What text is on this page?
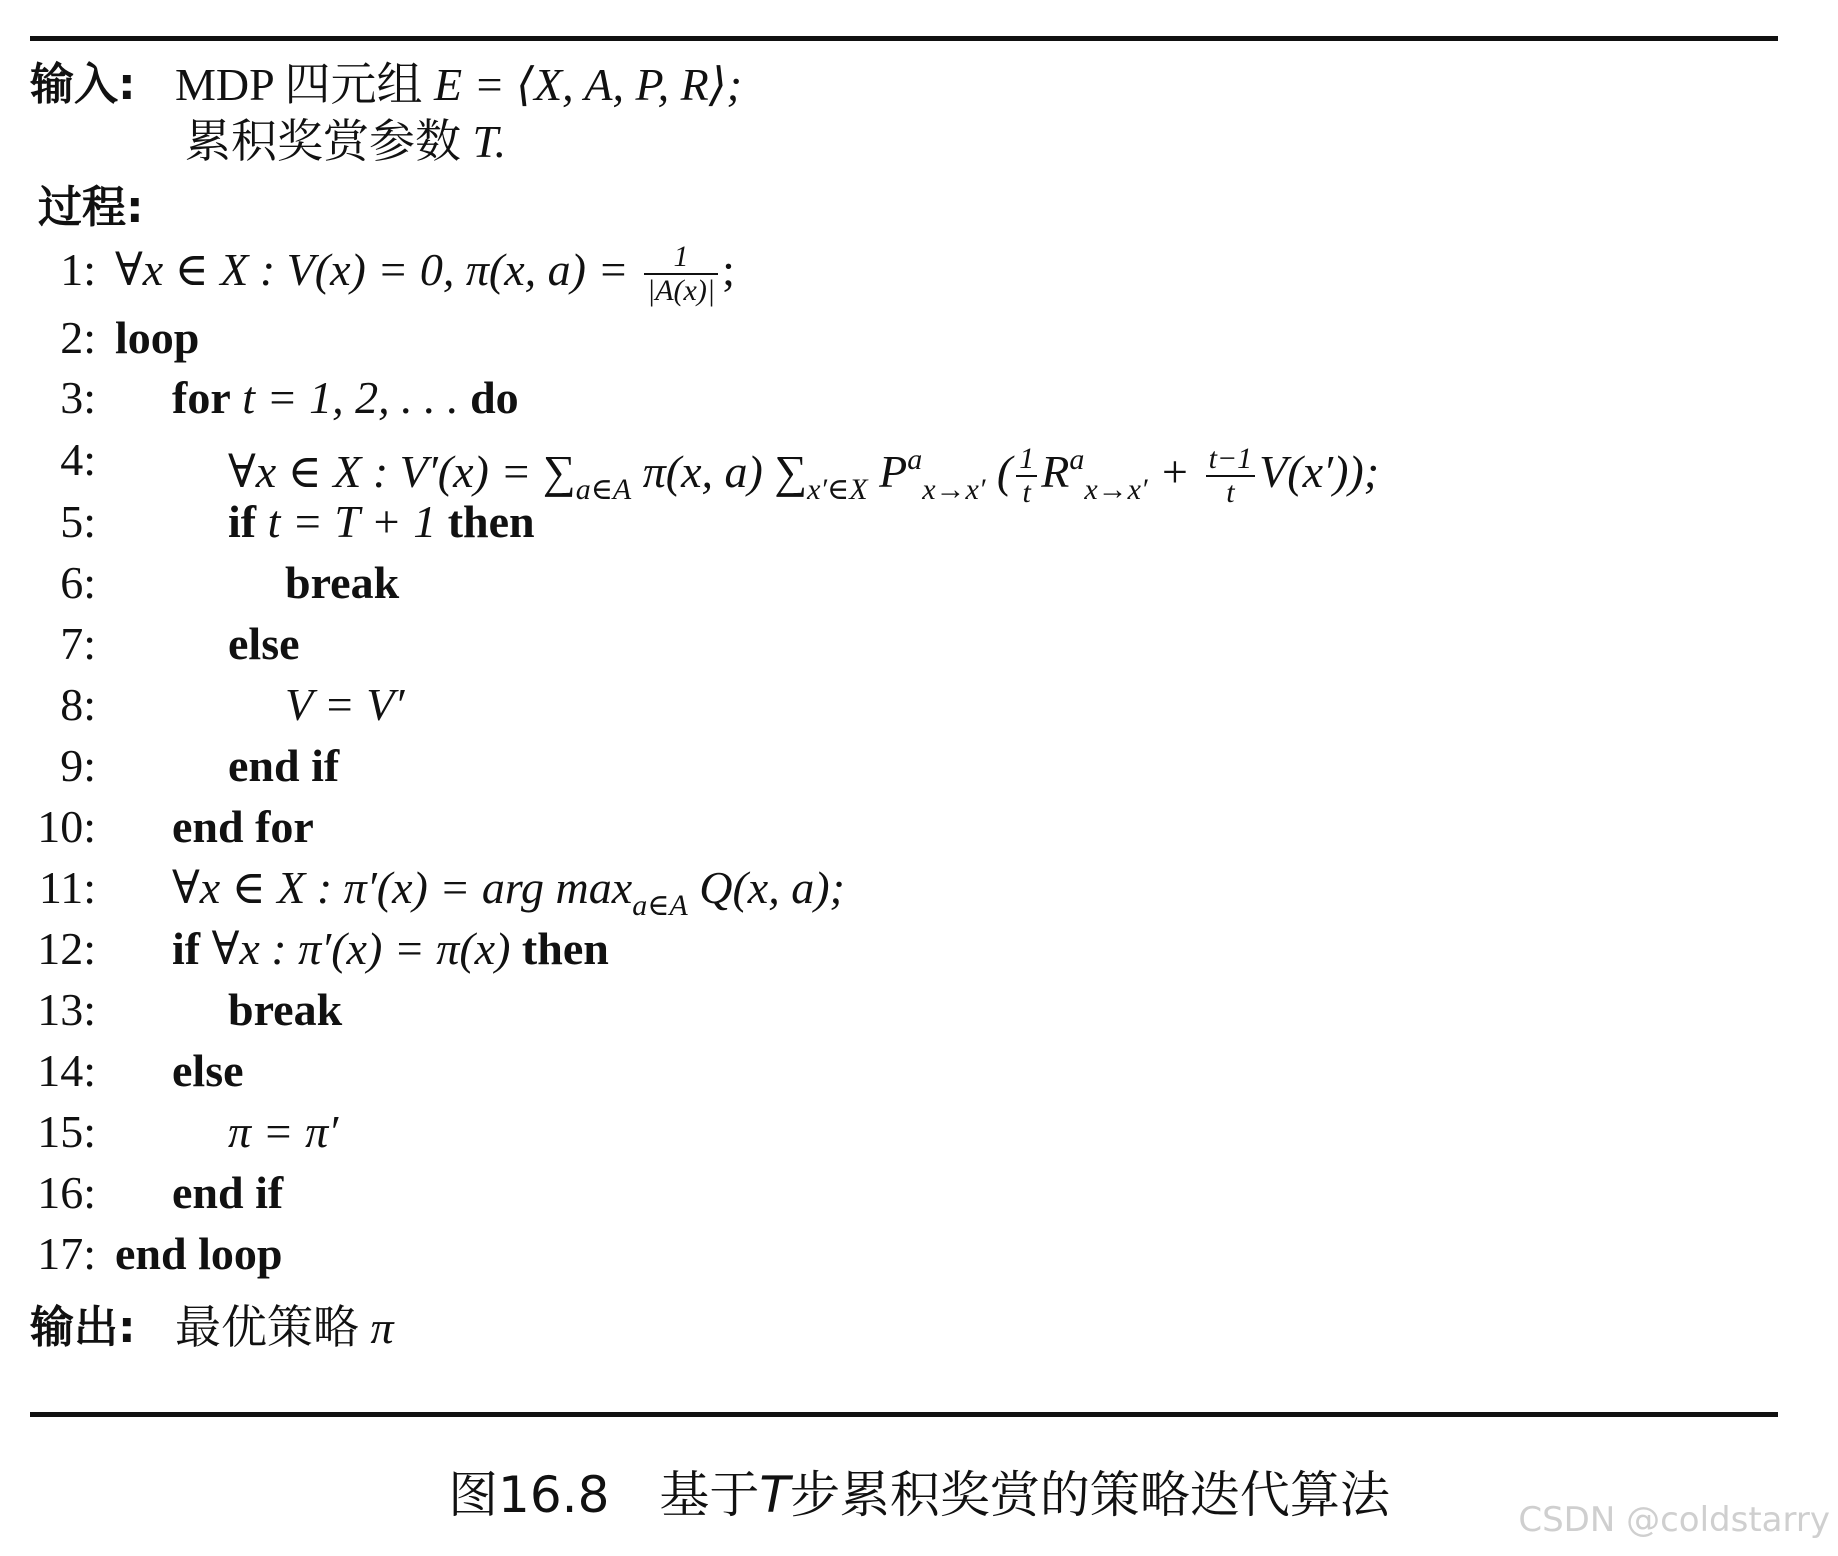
输入: MDP 四元组 E = ⟨X, A, P, R⟩;
累积奖赏参数 T.
过程:
1: ∀x ∈ X : V(x) = 0, π(x, $a) = \frac{1}{|A(x)|}$ ;
2: loop
3: for t = 1, 2, . . . do
4:	∀x ∈ X : $V'(x) = \sum_{a\in A}$ π(x, a) $\sum_{x'\in X}$ $P^a_{x\to x'}$ ( $\frac{1}{t} R^a_{x\to x'} + \frac{t-1}{t} V(x')$);
5:	if t = T + 1 then
6:	break
7:	else
8:	V = V′
9:	end if
10: end for
11: ∀x ∈ X : π′(x) = arg $\max_{a\in A} Q(x$, a);
12: if ∀x : π′(x) = π(x) then
13:	break
14: else
15:	π = π′
16: end if
17: end loop
输出: 最优策略 π
图16.8　基于T步累积奖赏的策略迭代算法	CSDN @coldstarry
